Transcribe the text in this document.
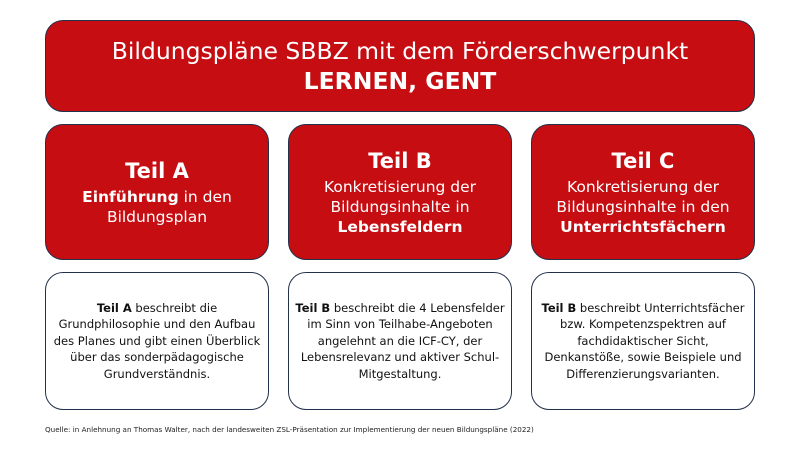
Bildungspläne SBBZ mit dem Förderschwerpunkt
LERNEN, GENT
Teil A
Einführung in den
Bildungsplan
Teil B
Konkretisierung der
Bildungsinhalte in
Lebensfeldern
Teil C
Konkretisierung der
Bildungsinhalte in den
Unterrichtsfächern
Teil A beschreibt die Grundphilosophie und den Aufbau des Planes und gibt einen Überblick über das sonderpädagogische Grundverständnis.
Teil B beschreibt die 4 Lebensfelder im Sinn von Teilhabe-Angeboten angelehnt an die ICF-CY, der Lebensrelevanz und aktiver Schul-Mitgestaltung.
Teil B beschreibt Unterrichtsfächer bzw. Kompetenzspektren auf fachdidaktischer Sicht, Denkanstöße, sowie Beispiele und Differenzierungsvarianten.
Quelle: in Anlehnung an Thomas Walter, nach der landesweiten ZSL-Präsentation zur Implementierung der neuen Bildungspläne (2022)
